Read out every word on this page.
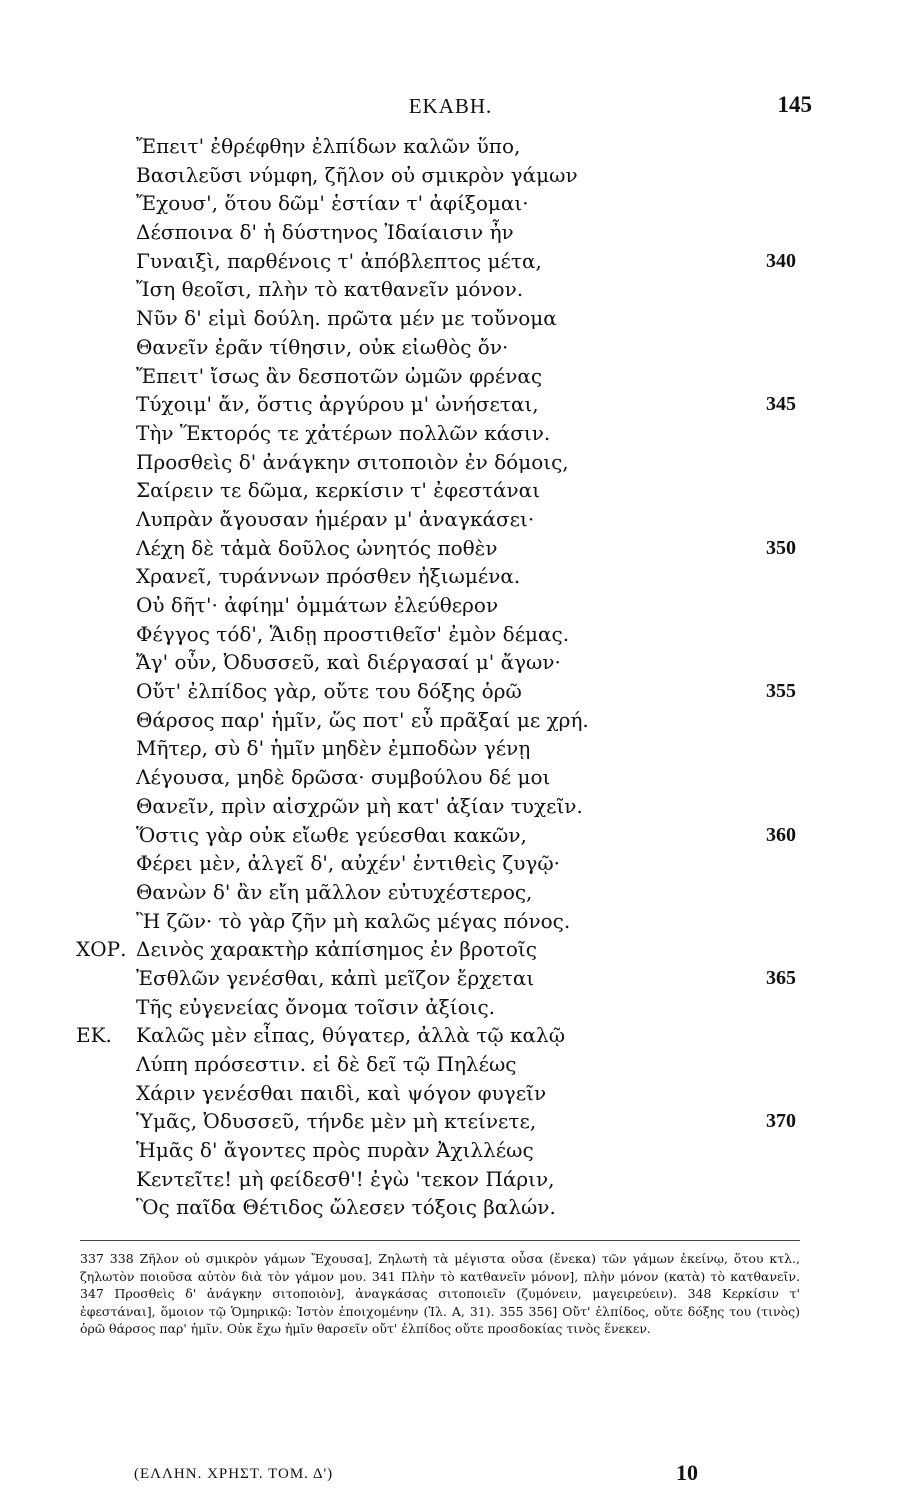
ΕΚΑΒΗ.	145
Ἔπειτ' ἐθρέφθην ἐλπίδων καλῶν ὕπο,
Βασιλεῦσι νύμφη, ζῆλον οὐ σμικρὸν γάμων
Ἔχουσ', ὅτου δῶμ' ἑστίαν τ' ἀφίξομαι·
Δέσποινα δ' ἡ δύστηνος Ἰδαίαισιν ἦν
Γυναιξὶ, παρθένοις τ' ἀπόβλεπτος μέτα,	340
Ἴση θεοῖσι, πλὴν τὸ κατθανεῖν μόνον.
Νῦν δ' εἰμὶ δούλη. πρῶτα μέν με τοὔνομα
Θανεῖν ἐρᾶν τίθησιν, οὐκ εἰωθὸς ὄν·
Ἔπειτ' ἴσως ἂν δεσποτῶν ὠμῶν φρένας
Τύχοιμ' ἄν, ὅστις ἀργύρου μ' ὠνήσεται,	345
Τὴν Ἕκτορός τε χἀτέρων πολλῶν κάσιν.
Προσθεὶς δ' ἀνάγκην σιτοποιὸν ἐν δόμοις,
Σαίρειν τε δῶμα, κερκίσιν τ' ἐφεστάναι
Λυπρὰν ἄγουσαν ἡμέραν μ' ἀναγκάσει·
Λέχη δὲ τἀμὰ δοῦλος ὠνητός ποθὲν	350
Χρανεῖ, τυράννων πρόσθεν ἠξιωμένα.
Οὐ δῆτ'· ἀφίημ' ὀμμάτων ἐλεύθερον
Φέγγος τόδ', Ἅιδῃ προστιθεῖσ' ἐμὸν δέμας.
Ἄγ' οὖν, Ὀδυσσεῦ, καὶ διέργασαί μ' ἄγων·
Οὔτ' ἐλπίδος γὰρ, οὔτε του δόξης ὁρῶ	355
Θάρσος παρ' ἡμῖν, ὥς ποτ' εὖ πρᾶξαί με χρή.
Μῆτερ, σὺ δ' ἡμῖν μηδὲν ἐμποδὼν γένῃ
Λέγουσα, μηδὲ δρῶσα· συμβούλου δέ μοι
Θανεῖν, πρὶν αἰσχρῶν μὴ κατ' ἀξίαν τυχεῖν.
Ὅστις γὰρ οὐκ εἴωθε γεύεσθαι κακῶν,	360
Φέρει μὲν, ἀλγεῖ δ', αὐχέν' ἐντιθεὶς ζυγῷ·
Θανὼν δ' ἂν εἴη μᾶλλον εὐτυχέστερος,
Ἢ ζῶν· τὸ γὰρ ζῆν μὴ καλῶς μέγας πόνος.
ΧΟΡ. Δεινὸς χαρακτὴρ κἀπίσημος ἐν βροτοῖς
Ἐσθλῶν γενέσθαι, κἀπὶ μεῖζον ἔρχεται	365
Τῆς εὐγενείας ὄνομα τοῖσιν ἀξίοις.
ΕΚ. Καλῶς μὲν εἶπας, θύγατερ, ἀλλὰ τῷ καλῷ
Λύπη πρόσεστιν. εἰ δὲ δεῖ τῷ Πηλέως
Χάριν γενέσθαι παιδὶ, καὶ ψόγον φυγεῖν
Ὑμᾶς, Ὀδυσσεῦ, τήνδε μὲν μὴ κτείνετε,	370
Ἡμᾶς δ' ἄγοντες πρὸς πυρὰν Ἀχιλλέως
Κεντεῖτε! μὴ φείδεσθ'! ἐγὼ 'τεκον Πάριν,
Ὃς παῖδα Θέτιδος ὤλεσεν τόξοις βαλών.

337 338 Ζῆλον οὐ σμικρὸν γάμων Ἔχουσα], Ζηλωτὴ τὰ μέγιστα οὖσα (ἕνεκα) τῶν γάμων ἐκείνῳ, ὅτου κτλ., ζηλωτὸν ποιοῦσα αὐτὸν διὰ τὸν γάμον μου. 341 Πλὴν τὸ κατθανεῖν μόνον], πλὴν μόνον (κατὰ) τὸ κατθανεῖν. 347 Προσθεὶς δ' ἀνάγκην σιτοποιὸν], ἀναγκάσας σιτοποιεῖν (ζυμόνειν, μαγειρεύειν). 348 Κερκίσιν τ' ἐφεστάναι], ὅμοιον τῷ Ὁμηρικῷ: Ἱστὸν ἐποιχομένην (Ἰλ. Α, 31). 355 356] Οὔτ' ἐλπίδος, οὔτε δόξης του (τινὸς) ὁρῶ θάρσος παρ' ἡμῖν. Οὐκ ἔχω ἡμῖν θαρσεῖν οὔτ' ἐλπίδος οὔτε προσδοκίας τινὸς ἕνεκεν.

(ΕΛΛΗΝ. ΧΡΗΣΤ. ΤΟΜ. Δ')	10
